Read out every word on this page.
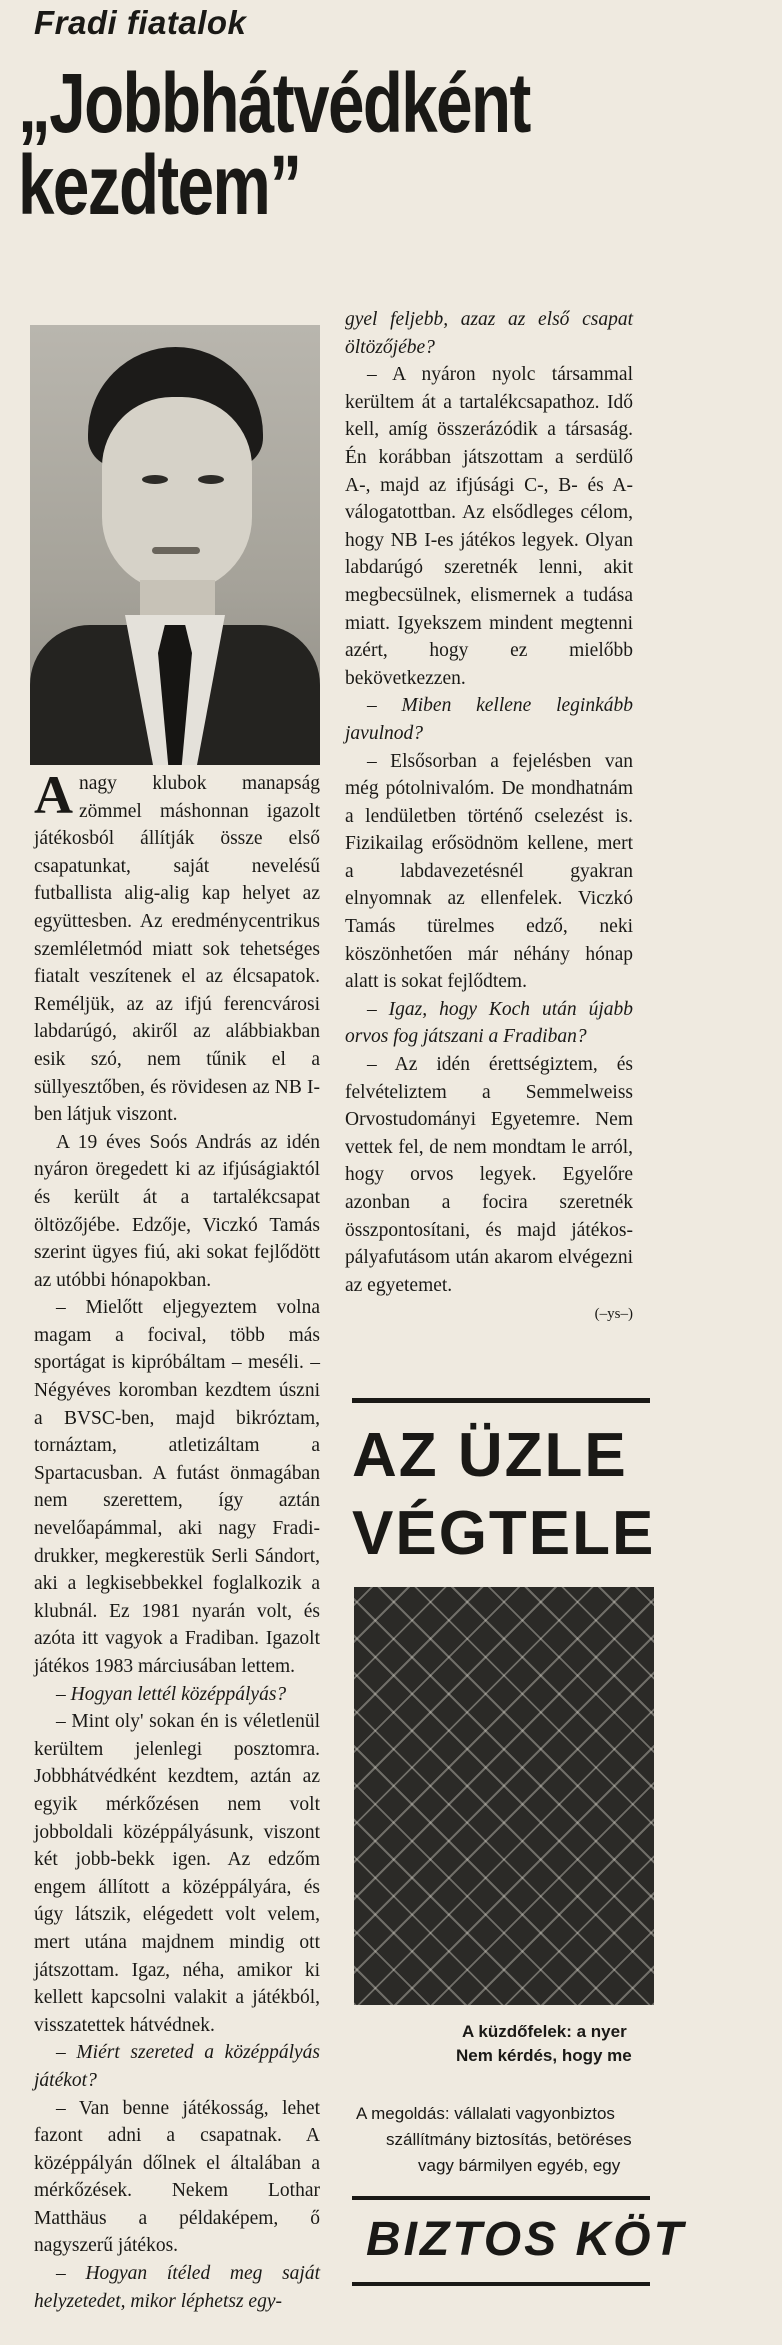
Fradi fiatalok
„Jobbhátvédként
kezdtem”

Anagy klubok manapság zömmel máshonnan igazolt játékosból állítják össze első csapatunkat, saját nevelésű futballista alig-alig kap helyet az együttesben. Az eredménycentrikus szemléletmód miatt sok tehetséges fiatalt veszítenek el az élcsapatok. Reméljük, az az ifjú ferencvárosi labdarúgó, akiről az alábbiakban esik szó, nem tűnik el a süllyesztőben, és rövidesen az NB I-ben látjuk viszont.

A 19 éves Soós András az idén nyáron öregedett ki az ifjúságiaktól és került át a tartalékcsapat öltözőjébe. Edzője, Viczkó Tamás szerint ügyes fiú, aki sokat fejlődött az utóbbi hónapokban.

– Mielőtt eljegyeztem volna magam a focival, több más sportágat is kipróbáltam – meséli. – Négyéves koromban kezdtem úszni a BVSC-ben, majd bikróztam, tornáztam, atletizáltam a Spartacusban. A futást önmagában nem szerettem, így aztán nevelőapámmal, aki nagy Fradi-drukker, megkerestük Serli Sándort, aki a legkisebbekkel foglalkozik a klubnál. Ez 1981 nyarán volt, és azóta itt vagyok a Fradiban. Igazolt játékos 1983 márciusában lettem.

– Hogyan lettél középpályás?

– Mint oly' sokan én is véletlenül kerültem jelenlegi posztomra. Jobbhátvédként kezdtem, aztán az egyik mérkőzésen nem volt jobboldali középpályásunk, viszont két jobb-bekk igen. Az edzőm engem állított a középpályára, és úgy látszik, elégedett volt velem, mert utána majdnem mindig ott játszottam. Igaz, néha, amikor ki kellett kapcsolni valakit a játékból, visszatettek hátvédnek.

– Miért szereted a középpályás játékot?

– Van benne játékosság, lehet fazont adni a csapatnak. A középpályán dőlnek el általában a mérkőzések. Nekem Lothar Matthäus a példaképem, ő nagyszerű játékos.

– Hogyan ítéled meg saját helyzetedet, mikor léphetsz egy-

gyel feljebb, azaz az első csapat öltözőjébe?

– A nyáron nyolc társammal kerültem át a tartalékcsapathoz. Idő kell, amíg összerázódik a társaság. Én korábban játszottam a serdülő A-, majd az ifjúsági C-, B- és A-válogatottban. Az elsődleges célom, hogy NB I-es játékos legyek. Olyan labdarúgó szeretnék lenni, akit megbecsülnek, elismernek a tudása miatt. Igyekszem mindent megtenni azért, hogy ez mielőbb bekövetkezzen.

– Miben kellene leginkább javulnod?

– Elsősorban a fejelésben van még pótolnivalóm. De mondhatnám a lendületben történő cselezést is. Fizikailag erősödnöm kellene, mert a labdavezetésnél gyakran elnyomnak az ellenfelek. Viczkó Tamás türelmes edző, neki köszönhetően már néhány hónap alatt is sokat fejlődtem.

– Igaz, hogy Koch után újabb orvos fog játszani a Fradiban?

– Az idén érettségiztem, és felvételiztem a Semmelweiss Orvostudományi Egyetemre. Nem vettek fel, de nem mondtam le arról, hogy orvos legyek. Egyelőre azonban a focira szeretnék összpontosítani, és majd játékos-pályafutásom után akarom elvégezni az egyetemet.

(–ys–)
AZ ÜZLE
VÉGTELE
A küzdőfelek: a nyer
Nem kérdés, hogy me
A megoldás: vállalati vagyonbiztos
szállítmány biztosítás, betöréses
vagy bármilyen egyéb, egy
BIZTOS KÖT
